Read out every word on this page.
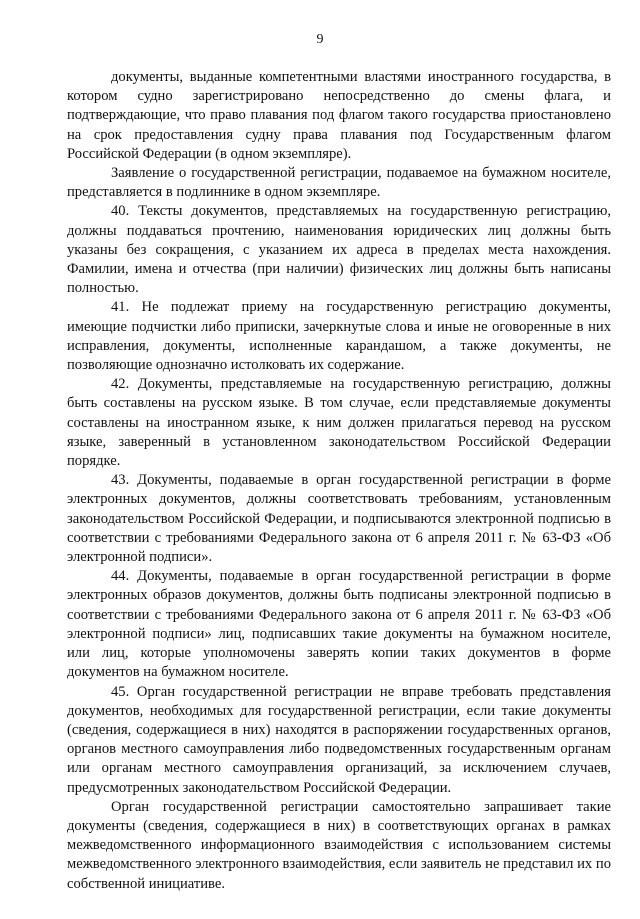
9

документы, выданные компетентными властями иностранного государства, в котором судно зарегистрировано непосредственно до смены флага, и подтверждающие, что право плавания под флагом такого государства приостановлено на срок предоставления судну права плавания под Государственным флагом Российской Федерации (в одном экземпляре).

Заявление о государственной регистрации, подаваемое на бумажном носителе, представляется в подлиннике в одном экземпляре.

40. Тексты документов, представляемых на государственную регистрацию, должны поддаваться прочтению, наименования юридических лиц должны быть указаны без сокращения, с указанием их адреса в пределах места нахождения. Фамилии, имена и отчества (при наличии) физических лиц должны быть написаны полностью.

41. Не подлежат приему на государственную регистрацию документы, имеющие подчистки либо приписки, зачеркнутые слова и иные не оговоренные в них исправления, документы, исполненные карандашом, а также документы, не позволяющие однозначно истолковать их содержание.

42. Документы, представляемые на государственную регистрацию, должны быть составлены на русском языке. В том случае, если представляемые документы составлены на иностранном языке, к ним должен прилагаться перевод на русском языке, заверенный в установленном законодательством Российской Федерации порядке.

43. Документы, подаваемые в орган государственной регистрации в форме электронных документов, должны соответствовать требованиям, установленным законодательством Российской Федерации, и подписываются электронной подписью в соответствии с требованиями Федерального закона от 6 апреля 2011 г. № 63-ФЗ «Об электронной подписи».

44. Документы, подаваемые в орган государственной регистрации в форме электронных образов документов, должны быть подписаны электронной подписью в соответствии с требованиями Федерального закона от 6 апреля 2011 г. № 63-ФЗ «Об электронной подписи» лиц, подписавших такие документы на бумажном носителе, или лиц, которые уполномочены заверять копии таких документов в форме документов на бумажном носителе.

45. Орган государственной регистрации не вправе требовать представления документов, необходимых для государственной регистрации, если такие документы (сведения, содержащиеся в них) находятся в распоряжении государственных органов, органов местного самоуправления либо подведомственных государственным органам или органам местного самоуправления организаций, за исключением случаев, предусмотренных законодательством Российской Федерации.

Орган государственной регистрации самостоятельно запрашивает такие документы (сведения, содержащиеся в них) в соответствующих органах в рамках межведомственного информационного взаимодействия с использованием системы межведомственного электронного взаимодействия, если заявитель не представил их по собственной инициативе.
